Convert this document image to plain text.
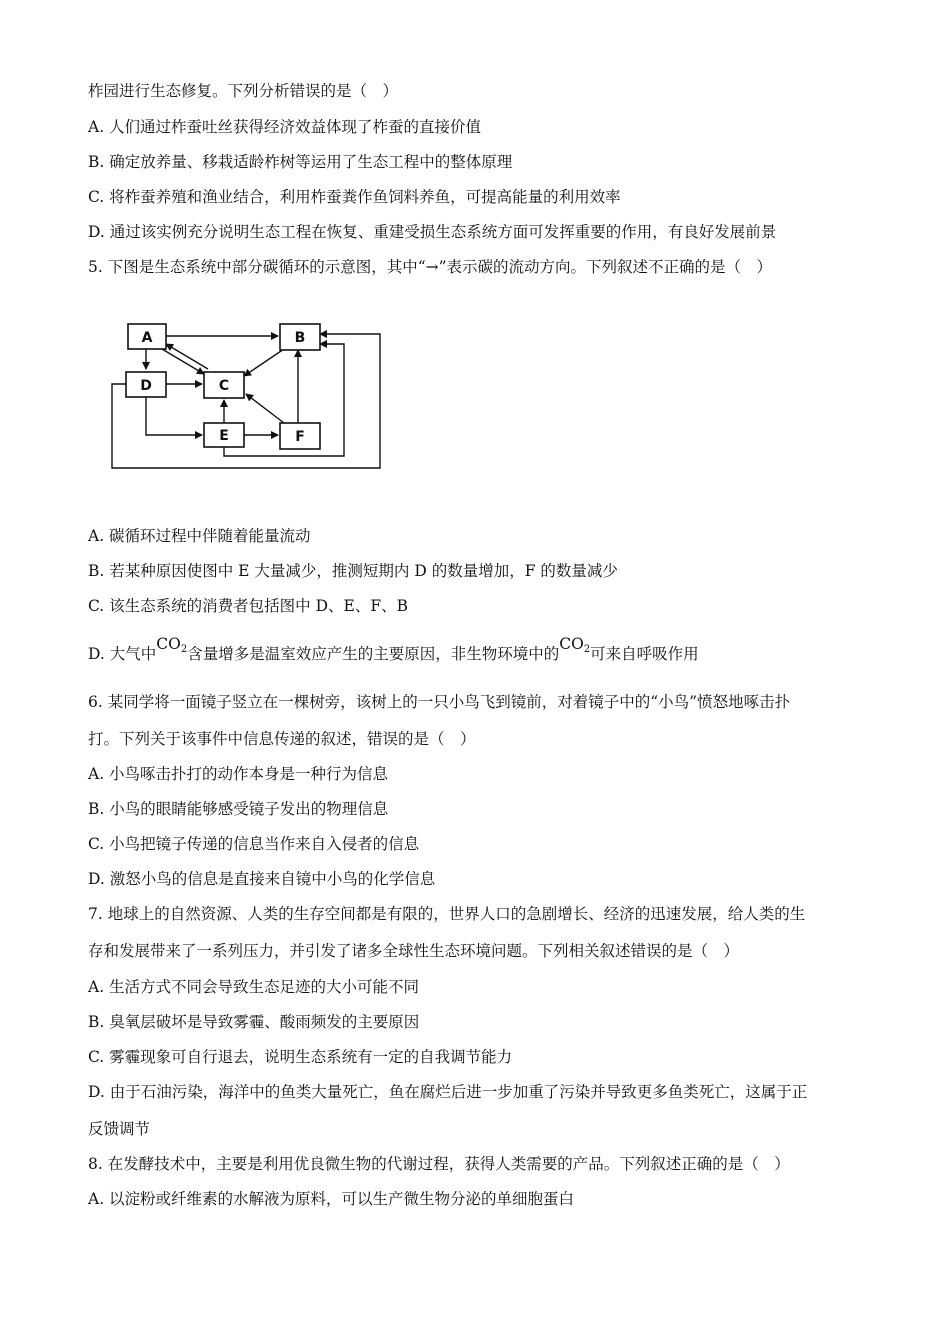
柞园进行生态修复。下列分析错误的是（　）
A. 人们通过柞蚕吐丝获得经济效益体现了柞蚕的直接价值
B. 确定放养量、移栽适龄柞树等运用了生态工程中的整体原理
C. 将柞蚕养殖和渔业结合，利用柞蚕粪作鱼饲料养鱼，可提高能量的利用效率
D. 通过该实例充分说明生态工程在恢复、重建受损生态系统方面可发挥重要的作用，有良好发展前景
5. 下图是生态系统中部分碳循环的示意图，其中“→”表示碳的流动方向。下列叙述不正确的是（　）
A	B
C
D
E	F
A. 碳循环过程中伴随着能量流动
B. 若某种原因使图中 E 大量减少，推测短期内 D 的数量增加，F 的数量减少
C. 该生态系统的消费者包括图中 D、E、F、B
D. 大气中CO2含量增多是温室效应产生的主要原因，非生物环境中的CO2可来自呼吸作用
6. 某同学将一面镜子竖立在一棵树旁，该树上的一只小鸟飞到镜前，对着镜子中的“小鸟”愤怒地啄击扑
打。下列关于该事件中信息传递的叙述，错误的是（　）
A. 小鸟啄击扑打的动作本身是一种行为信息
B. 小鸟的眼睛能够感受镜子发出的物理信息
C. 小鸟把镜子传递的信息当作来自入侵者的信息
D. 激怒小鸟的信息是直接来自镜中小鸟的化学信息
7. 地球上的自然资源、人类的生存空间都是有限的，世界人口的急剧增长、经济的迅速发展，给人类的生
存和发展带来了一系列压力，并引发了诸多全球性生态环境问题。下列相关叙述错误的是（　）
A. 生活方式不同会导致生态足迹的大小可能不同
B. 臭氧层破坏是导致雾霾、酸雨频发的主要原因
C. 雾霾现象可自行退去，说明生态系统有一定的自我调节能力
D. 由于石油污染，海洋中的鱼类大量死亡，鱼在腐烂后进一步加重了污染并导致更多鱼类死亡，这属于正
反馈调节
8. 在发酵技术中，主要是利用优良微生物的代谢过程，获得人类需要的产品。下列叙述正确的是（　）
A. 以淀粉或纤维素的水解液为原料，可以生产微生物分泌的单细胞蛋白
